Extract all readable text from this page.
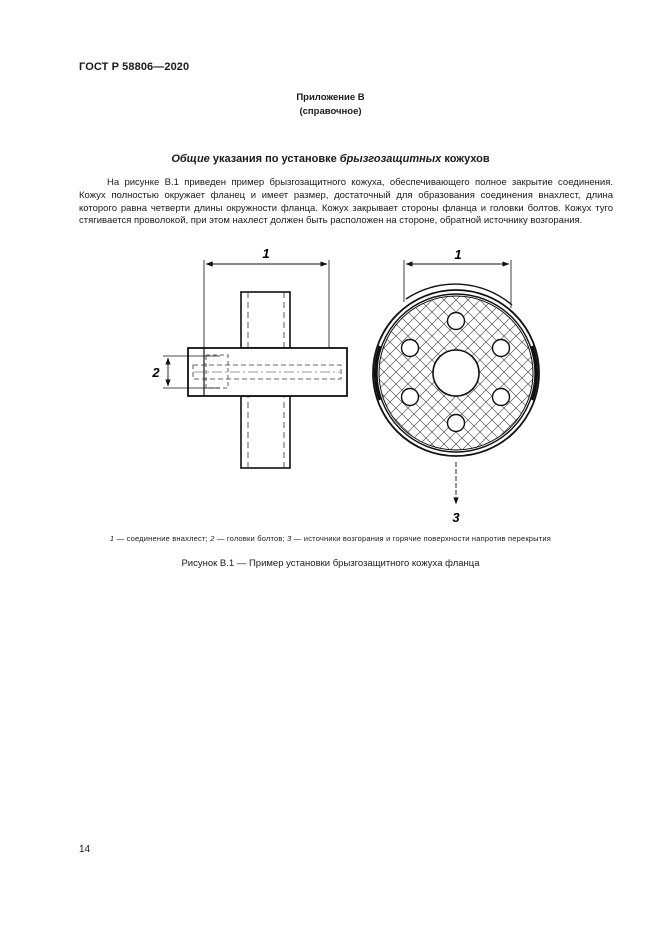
ГОСТ Р 58806—2020
Приложение В
(справочное)
Общие указания по установке брызгозащитных кожухов

На рисунке В.1 приведен пример брызгозащитного кожуха, обеспечивающего полное закрытие соединения. Кожух полностью окружает фланец и имеет размер, достаточный для образования соединения внахлест, длина которого равна четверти длины окружности фланца. Кожух закрывает стороны фланца и головки болтов. Кожух туго стягивается проволокой, при этом нахлест должен быть расположен на стороне, обратной источнику возгорания.

1
2
1
3
1 — соединение внахлест; 2 — головки болтов; 3 — источники возгорания и горячие поверхности напротив перекрытия
Рисунок В.1 — Пример установки брызгозащитного кожуха фланца
14
